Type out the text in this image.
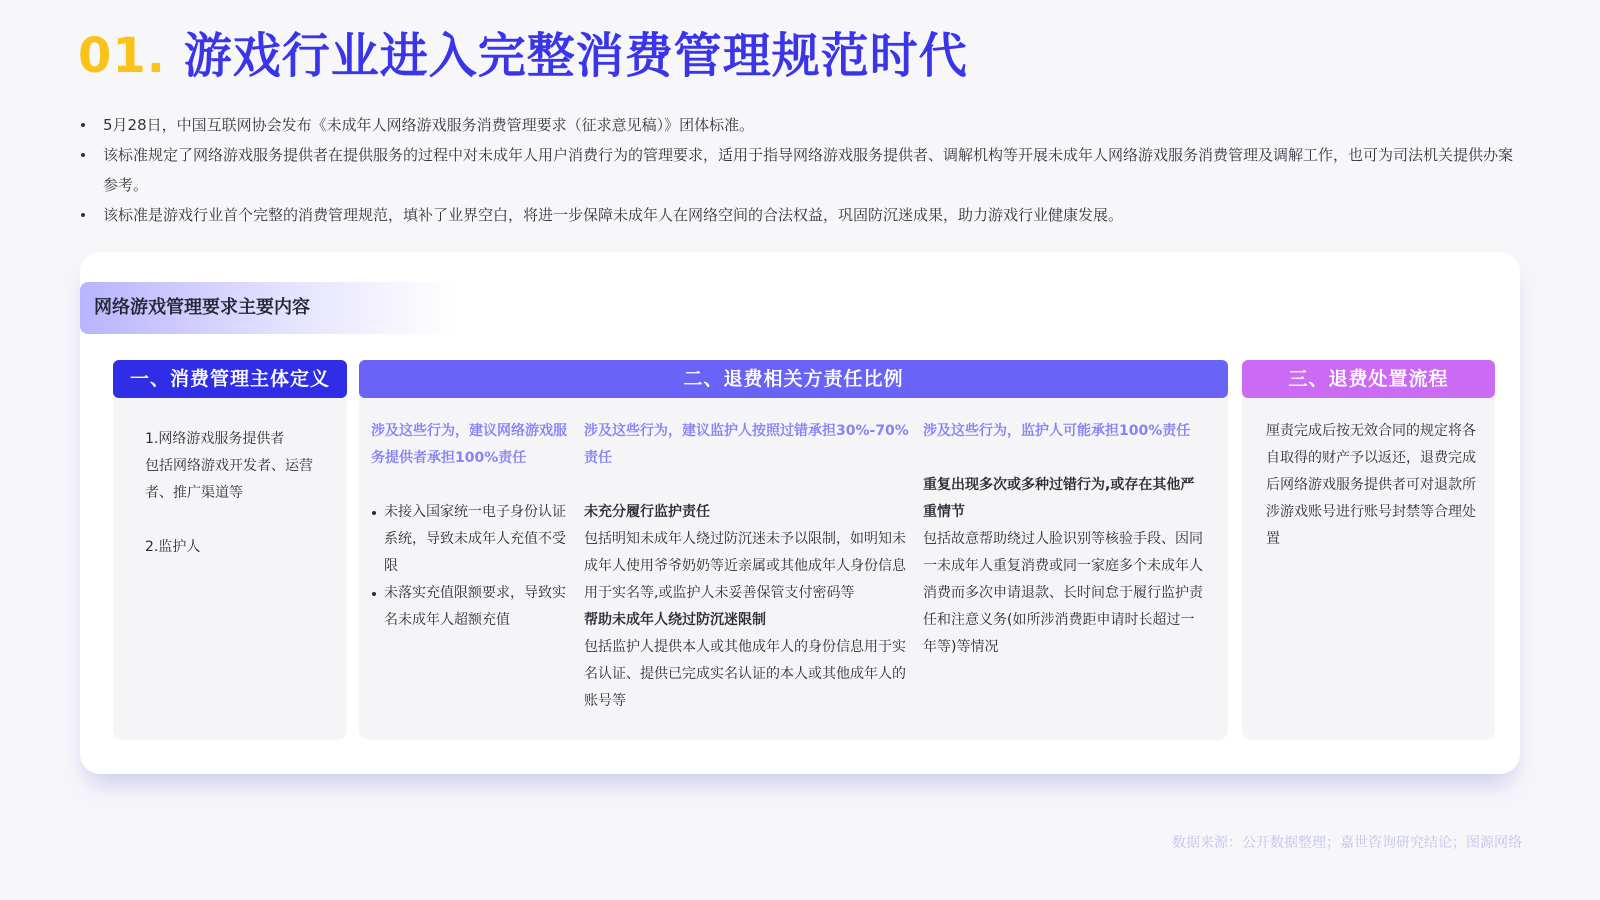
01. 游戏行业进入完整消费管理规范时代
5月28日，中国互联网协会发布《未成年人网络游戏服务消费管理要求（征求意见稿）》团体标准。
该标准规定了网络游戏服务提供者在提供服务的过程中对未成年人用户消费行为的管理要求，适用于指导网络游戏服务提供者、调解机构等开展未成年人网络游戏服务消费管理及调解工作，也可为司法机关提供办案参考。
该标准是游戏行业首个完整的消费管理规范，填补了业界空白，将进一步保障未成年人在网络空间的合法权益，巩固防沉迷成果，助力游戏行业健康发展。
网络游戏管理要求主要内容
一、消费管理主体定义
1.网络游戏服务提供者
包括网络游戏开发者、运营者、推广渠道等
2.监护人
二、退费相关方责任比例
涉及这些行为，建议网络游戏服务提供者承担100%责任
未接入国家统一电子身份认证系统，导致未成年人充值不受限
未落实充值限额要求，导致实名未成年人超额充值
涉及这些行为，建议监护人按照过错承担30%-70%责任
未充分履行监护责任
包括明知未成年人绕过防沉迷未予以限制，如明知未成年人使用爷爷奶奶等近亲属或其他成年人身份信息用于实名等,或监护人未妥善保管支付密码等
帮助未成年人绕过防沉迷限制
包括监护人提供本人或其他成年人的身份信息用于实名认证、提供已完成实名认证的本人或其他成年人的账号等
涉及这些行为，监护人可能承担100%责任
重复出现多次或多种过错行为,或存在其他严重情节
包括故意帮助绕过人脸识别等核验手段、因同一未成年人重复消费或同一家庭多个未成年人消费而多次申请退款、长时间怠于履行监护责任和注意义务(如所涉消费距申请时长超过一年等)等情况
三、退费处置流程
厘责完成后按无效合同的规定将各自取得的财产予以返还，退费完成后网络游戏服务提供者可对退款所涉游戏账号进行账号封禁等合理处置
数据来源：公开数据整理；嘉世咨询研究结论；图源网络
